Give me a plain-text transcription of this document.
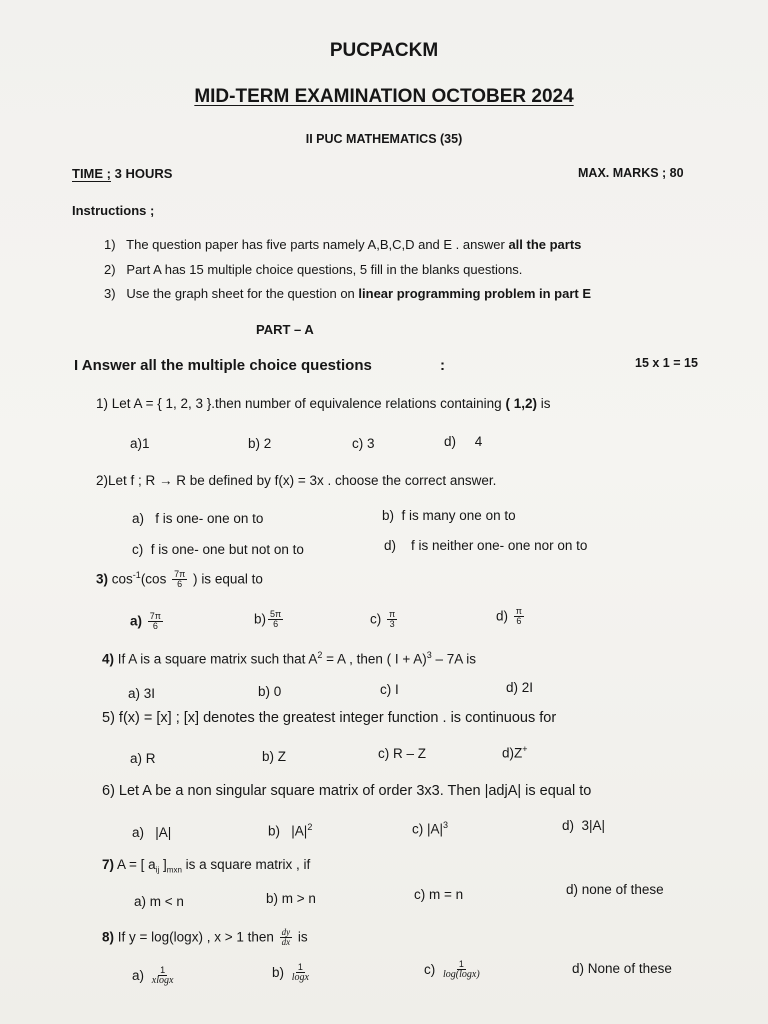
PUCPACKM
MID-TERM EXAMINATION OCTOBER 2024
II PUC MATHEMATICS (35)
TIME ; 3 HOURS	MAX. MARKS ; 80
Instructions ;
1) The question paper has five parts namely A,B,C,D and E . answer all the parts
2) Part A has 15 multiple choice questions, 5 fill in the blanks questions.
3) Use the graph sheet for the question on linear programming problem in part E
PART – A
I Answer all the multiple choice questions	:	15 x 1 = 15
1) Let A = { 1, 2, 3 }.then number of equivalence relations containing ( 1,2) is
a)1	b) 2	c) 3	d) 4
2)Let f ; R → R be defined by f(x) = 3x . choose the correct answer.
a) f is one- one on to	b) f is many one on to
c) f is one- one but not on to	d) f is neither one- one nor on to
3) $\cos^{-1}(\cos \frac{7\pi}{6}$ ) is equal to
$a) \frac{7\pi}{6}$	$b) \frac{5\pi}{6}$	$c) \frac{\pi}{3}$	$d) \frac{\pi}{6}$
4) If A is a square matrix such that $A^2 = A$ , then ( I + A)$^3$ – 7A is
a) 3I	b) 0	c) I	d) 2I
5) f(x) = [x] ; [x] denotes the greatest integer function . is continuous for
a) R	b) Z	c) R – Z	d)Z+
6) Let A be a non singular square matrix of order 3x3. Then |adjA| is equal to
a) |A|	b) $|A|^2$	c) $|A|^3$	d) 3|A|
7) A = [ $a_{ij}$ ]$_{mxn}$ is a square matrix , if
a) m < n	b) m > n	c) m = n	d) none of these
8) If y = log(logx) , x > 1 then $\frac{dy}{dx}$ is
$a) \frac{1}{xlogx}$	$b) \frac{1}{\log x}$	$c) \frac{1}{\log(\log x)}$	d) None of these
